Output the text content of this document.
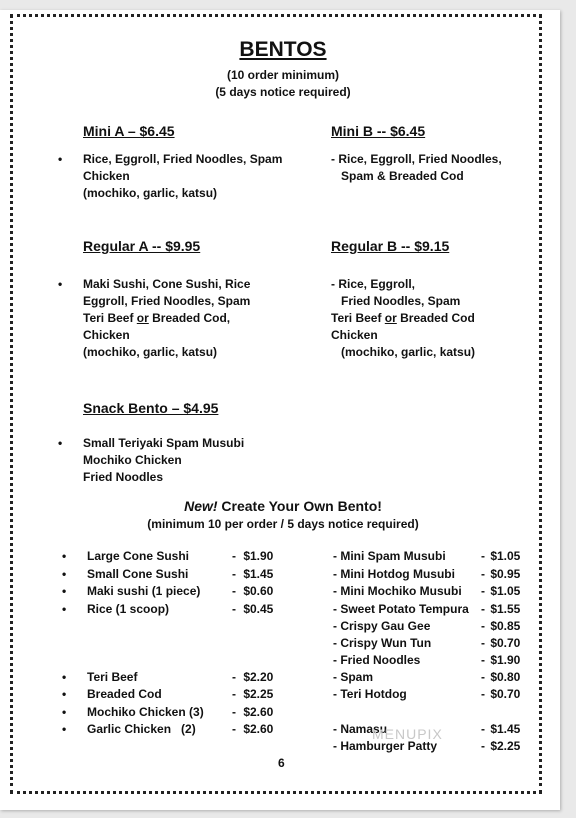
BENTOS
(10 order minimum)
(5 days notice required)
Mini A – $6.45
• Rice, Eggroll, Fried Noodles, Spam
Chicken
(mochiko, garlic, katsu)
Mini B -- $6.45
- Rice, Eggroll, Fried Noodles,
Spam & Breaded Cod
Regular A -- $9.95
• Maki Sushi, Cone Sushi, Rice
Eggroll, Fried Noodles, Spam
Teri Beef or Breaded Cod,
Chicken
(mochiko, garlic, katsu)
Regular B -- $9.15
- Rice, Eggroll,
Fried Noodles, Spam
Teri Beef or Breaded Cod
Chicken
(mochiko, garlic, katsu)
Snack Bento – $4.95
• Small Teriyaki Spam Musubi
Mochiko Chicken
Fried Noodles
New! Create Your Own Bento!
(minimum 10 per order / 5 days notice required)
• Large Cone Sushi	- $1.90
• Small Cone Sushi	- $1.45
• Maki sushi (1 piece)	- $0.60
• Rice (1 scoop)	- $0.45
• Teri Beef	- $2.20
• Breaded Cod	- $2.25
• Mochiko Chicken (3) - $2.60
• Garlic Chicken   (2)	- $2.60
- Mini Spam Musubi	- $1.05
- Mini Hotdog Musubi - $0.95
- Mini Mochiko Musubi - $1.05
- Sweet Potato Tempura - $1.55
- Crispy Gau Gee	- $0.85
- Crispy Wun Tun	- $0.70
- Fried Noodles	- $1.90
- Spam	- $0.80
- Teri Hotdog	- $0.70
- Namasu	- $1.45
- Hamburger Patty	- $2.25
MENUPIX
6
